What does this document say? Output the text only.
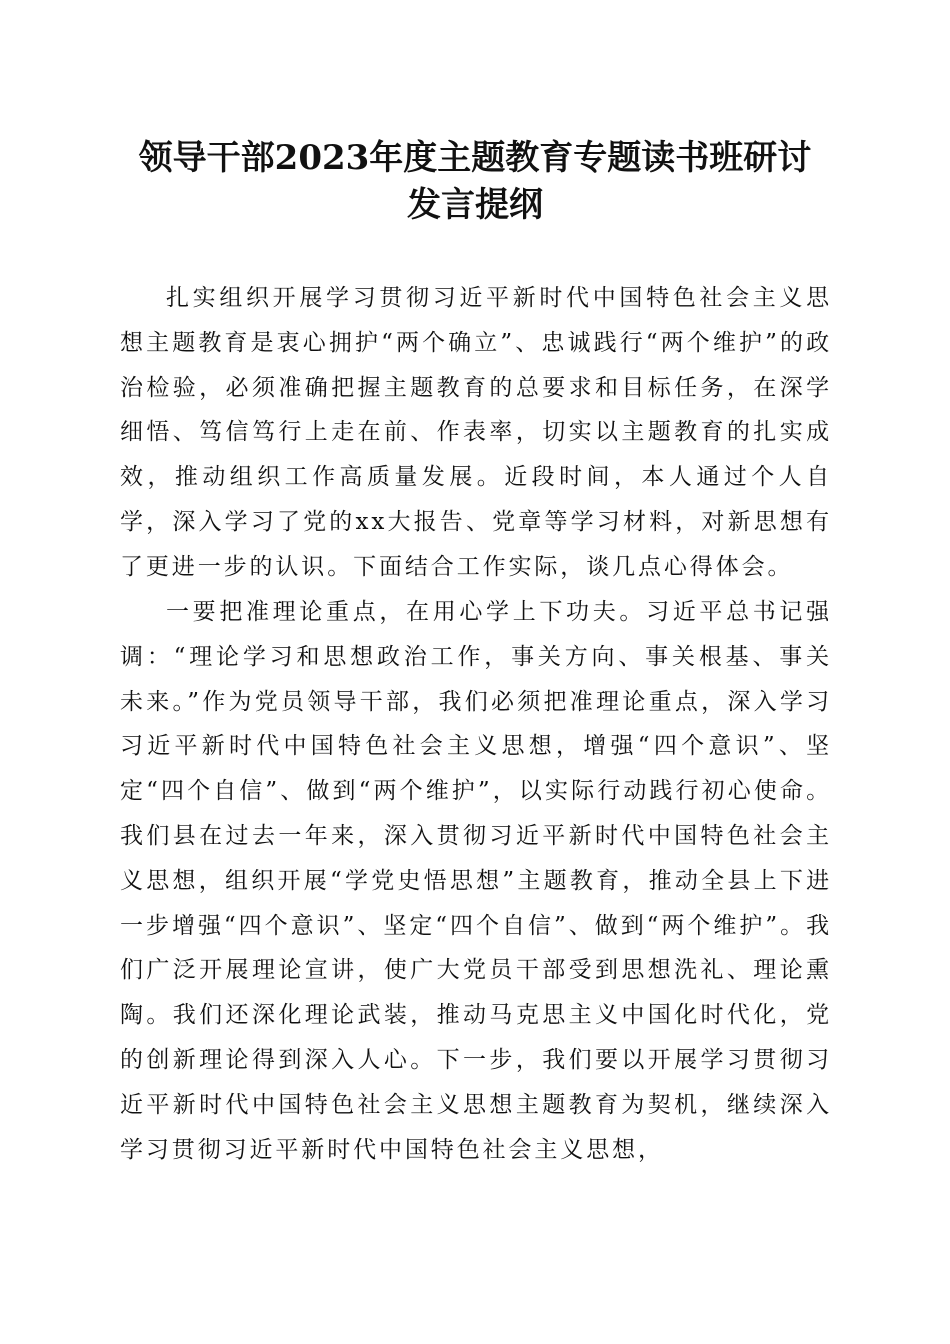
领导干部2023年度主题教育专题读书班研讨
发言提纲

扎实组织开展学习贯彻习近平新时代中国特色社会主义思想主题教育是衷心拥护“两个确立”、忠诚践行“两个维护”的政治检验，必须准确把握主题教育的总要求和目标任务，在深学细悟、笃信笃行上走在前、作表率，切实以主题教育的扎实成效，推动组织工作高质量发展。近段时间，本人通过个人自学，深入学习了党的xx大报告、党章等学习材料，对新思想有了更进一步的认识。下面结合工作实际，谈几点心得体会。

一要把准理论重点，在用心学上下功夫。习近平总书记强调：“理论学习和思想政治工作，事关方向、事关根基、事关未来。”作为党员领导干部，我们必须把准理论重点，深入学习习近平新时代中国特色社会主义思想，增强“四个意识”、坚定“四个自信”、做到“两个维护”，以实际行动践行初心使命。我们县在过去一年来，深入贯彻习近平新时代中国特色社会主义思想，组织开展“学党史悟思想”主题教育，推动全县上下进一步增强“四个意识”、坚定“四个自信”、做到“两个维护”。我们广泛开展理论宣讲，使广大党员干部受到思想洗礼、理论熏陶。我们还深化理论武装，推动马克思主义中国化时代化，党的创新理论得到深入人心。下一步，我们要以开展学习贯彻习近平新时代中国特色社会主义思想主题教育为契机，继续深入学习贯彻习近平新时代中国特色社会主义思想，
